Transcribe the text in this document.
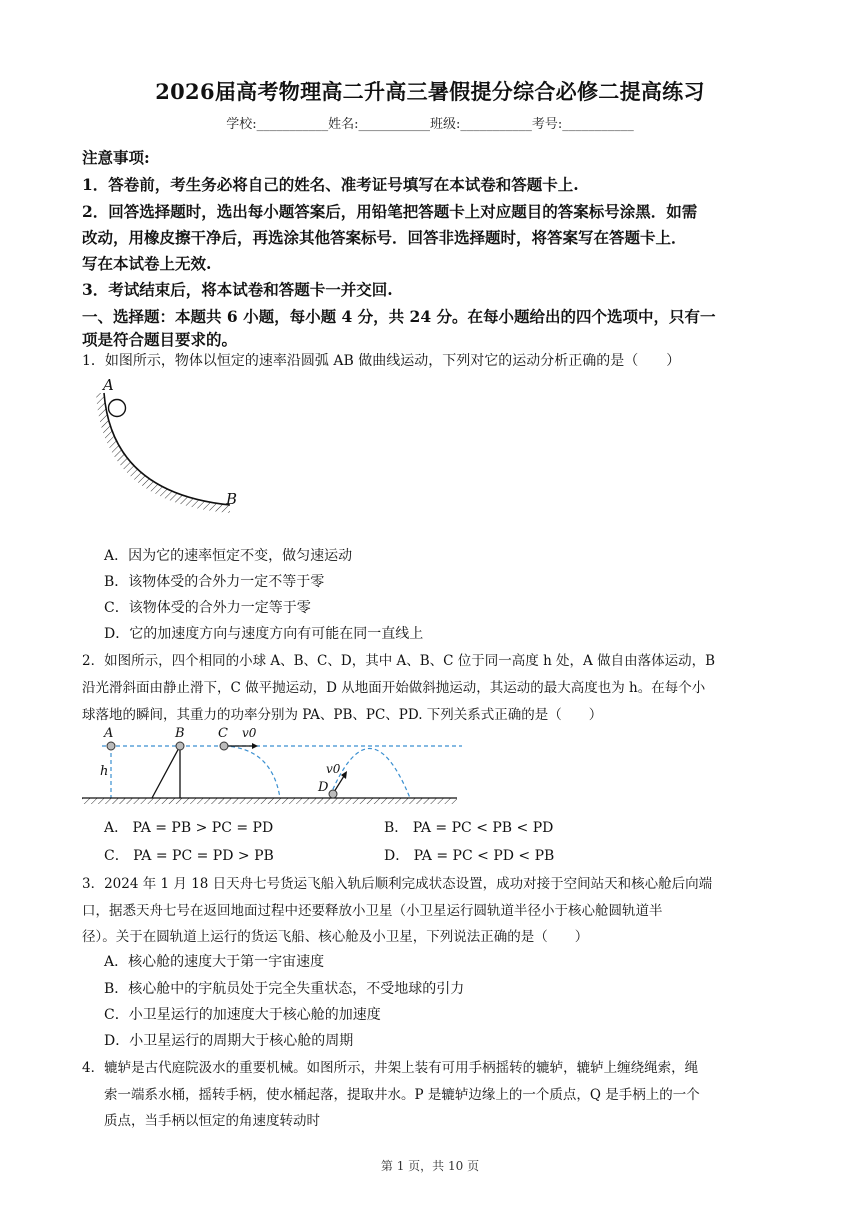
2026届高考物理高二升高三暑假提分综合必修二提高练习
学校:___________姓名:___________班级:___________考号:___________
注意事项:
1．答卷前，考生务必将自己的姓名、准考证号填写在本试卷和答题卡上.
2．回答选择题时，选出每小题答案后，用铅笔把答题卡上对应题目的答案标号涂黑．如需
改动，用橡皮擦干净后，再选涂其他答案标号．回答非选择题时，将答案写在答题卡上．
写在本试卷上无效.
3．考试结束后，将本试卷和答题卡一并交回.
一、选择题：本题共 6 小题，每小题 4 分，共 24 分。在每小题给出的四个选项中，只有一
项是符合题目要求的。
1．如图所示，物体以恒定的速率沿圆弧 AB 做曲线运动，下列对它的运动分析正确的是（　　）
A
B
A．因为它的速率恒定不变，做匀速运动
B．该物体受的合外力一定不等于零
C．该物体受的合外力一定等于零
D．它的加速度方向与速度方向有可能在同一直线上
2．如图所示，四个相同的小球 A、B、C、D，其中 A、B、C 位于同一高度 h 处，A 做自由落体运动，B
沿光滑斜面由静止滑下，C 做平抛运动，D 从地面开始做斜抛运动，其运动的最大高度也为 h。在每个小
球落地的瞬间，其重力的功率分别为 PA、PB、PC、PD. 下列关系式正确的是（　　）
A	B	C v0
h	v0
D
A． PA = PB > PC = PD	B． PA = PC < PB < PD
C． PA = PC = PD > PB	D． PA = PC < PD < PB
3．2024 年 1 月 18 日天舟七号货运飞船入轨后顺利完成状态设置，成功对接于空间站天和核心舱后向端
口，据悉天舟七号在返回地面过程中还要释放小卫星（小卫星运行圆轨道半径小于核心舱圆轨道半
径）。关于在圆轨道上运行的货运飞船、核心舱及小卫星，下列说法正确的是（　　）
A．核心舱的速度大于第一宇宙速度
B．核心舱中的宇航员处于完全失重状态，不受地球的引力
C．小卫星运行的加速度大于核心舱的加速度
D．小卫星运行的周期大于核心舱的周期
4．辘轳是古代庭院汲水的重要机械。如图所示，井架上装有可用手柄摇转的辘轳，辘轳上缠绕绳索，绳
索一端系水桶，摇转手柄，使水桶起落，提取井水。P 是辘轳边缘上的一个质点，Q 是手柄上的一个
质点，当手柄以恒定的角速度转动时
第 1 页，共 10 页
